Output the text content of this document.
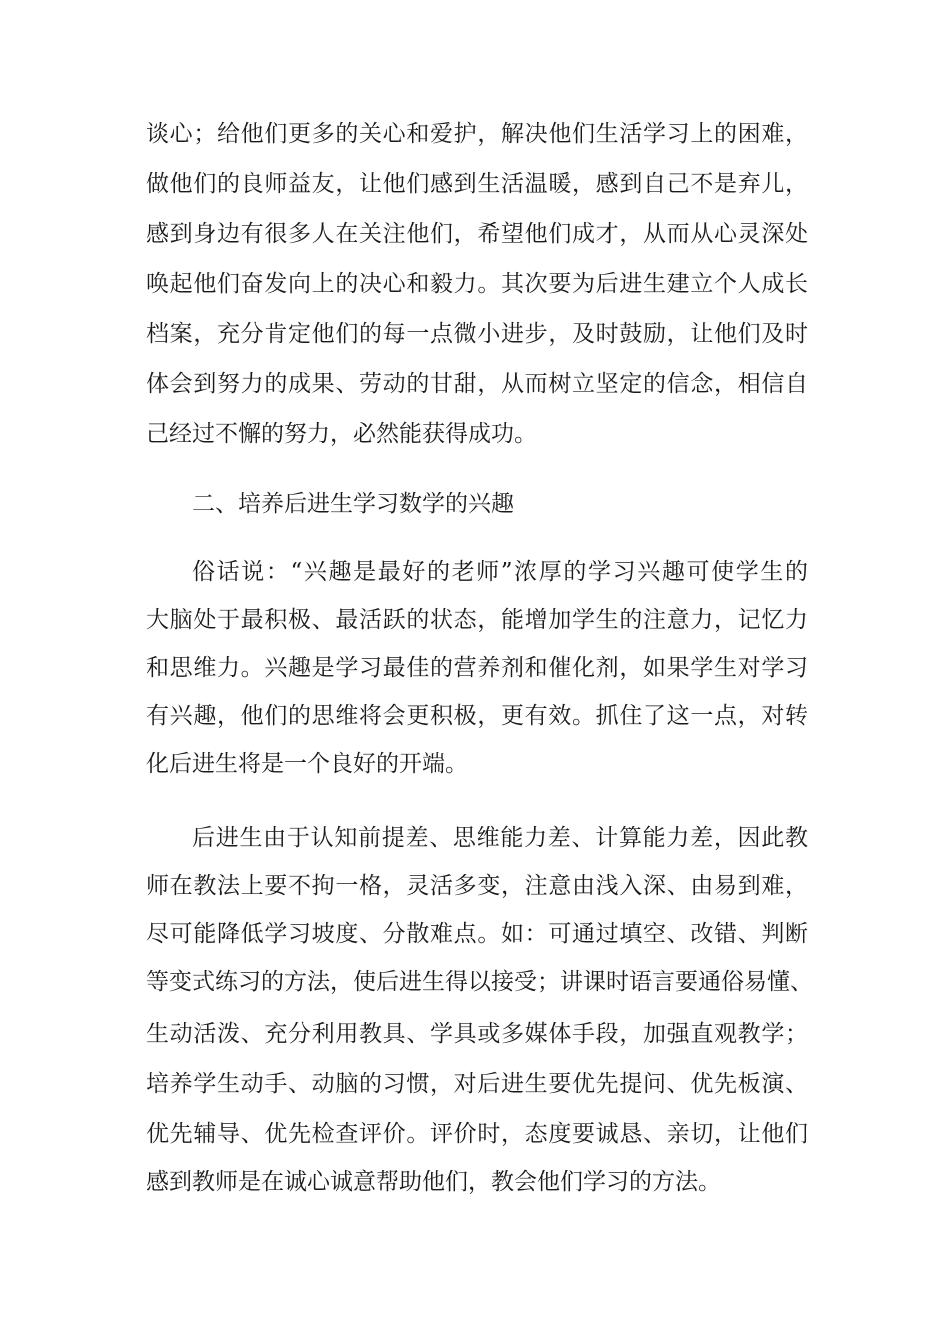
谈心；给他们更多的关心和爱护，解决他们生活学习上的困难，
做他们的良师益友，让他们感到生活温暖，感到自己不是弃儿，
感到身边有很多人在关注他们，希望他们成才，从而从心灵深处
唤起他们奋发向上的决心和毅力。其次要为后进生建立个人成长
档案，充分肯定他们的每一点微小进步，及时鼓励，让他们及时
体会到努力的成果、劳动的甘甜，从而树立坚定的信念，相信自
己经过不懈的努力，必然能获得成功。
二、培养后进生学习数学的兴趣
俗话说：“兴趣是最好的老师”浓厚的学习兴趣可使学生的
大脑处于最积极、最活跃的状态，能增加学生的注意力，记忆力
和思维力。兴趣是学习最佳的营养剂和催化剂，如果学生对学习
有兴趣，他们的思维将会更积极，更有效。抓住了这一点，对转
化后进生将是一个良好的开端。
后进生由于认知前提差、思维能力差、计算能力差，因此教
师在教法上要不拘一格，灵活多变，注意由浅入深、由易到难，
尽可能降低学习坡度、分散难点。如：可通过填空、改错、判断
等变式练习的方法，使后进生得以接受；讲课时语言要通俗易懂、
生动活泼、充分利用教具、学具或多媒体手段，加强直观教学；
培养学生动手、动脑的习惯，对后进生要优先提问、优先板演、
优先辅导、优先检查评价。评价时，态度要诚恳、亲切，让他们
感到教师是在诚心诚意帮助他们，教会他们学习的方法。
